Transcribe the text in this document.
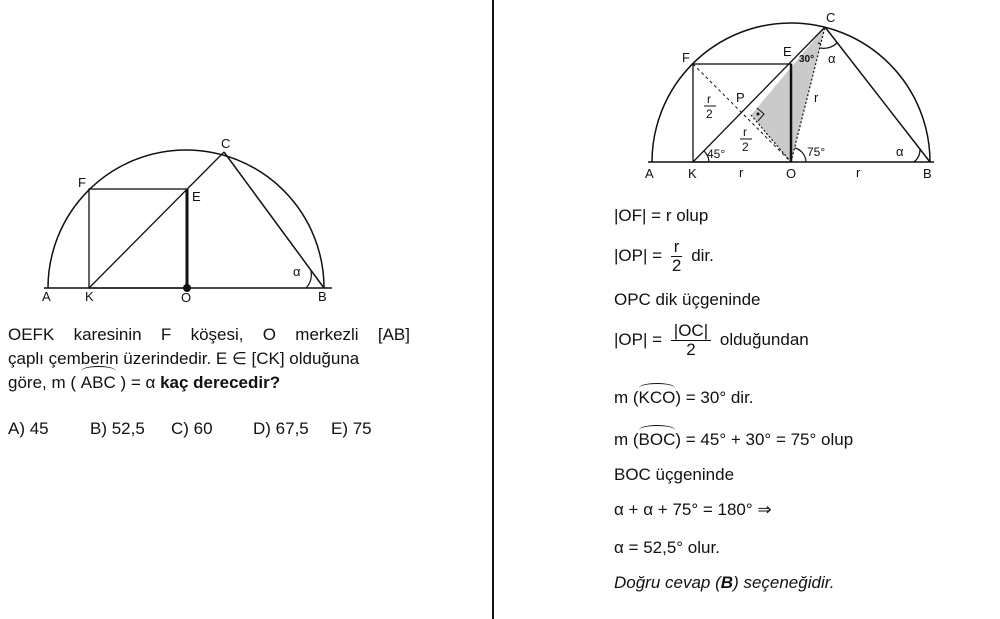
A	K	O	B
F
E
C
α
OEFK karesinin F köşesi, O merkezli [AB]
çaplı çemberin üzerindedir. E ∈ [CK] olduğuna
göre, m ( ABC ) = α kaç derecedir?
A) 45 B) 52,5 C) 60 D) 67,5 E) 75
A	K	O	B
F	E
C
P
r	r
r
r
2
r
2
45°	75°
30° α
α
|OF| = r olup
$|OP| = \frac{r}{2}$ dir.
OPC dik üçgeninde
$|OP| = \frac{|OC|}{2}$ olduğundan
m (KCO) = 30° dir.
m (BOC) = 45° + 30° = 75° olup
BOC üçgeninde
α + α + 75° = 180° ⇒
α = 52,5° olur.
Doğru cevap (B) seçeneğidir.
